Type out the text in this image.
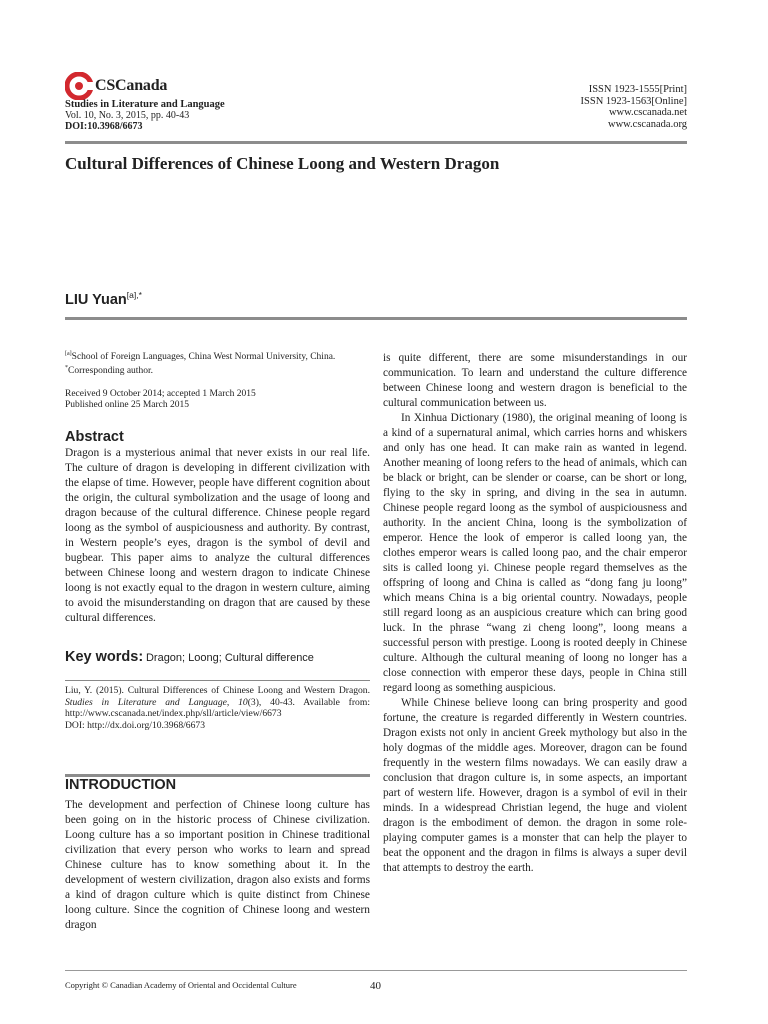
CSCanada
Studies in Literature and Language
Vol. 10, No. 3, 2015, pp. 40-43
DOI:10.3968/6673
ISSN 1923-1555[Print]
ISSN 1923-1563[Online]
www.cscanada.net
www.cscanada.org
Cultural Differences of Chinese Loong and Western Dragon
LIU Yuan$^{[a],*}$
[a]School of Foreign Languages, China West Normal University, China.
*Corresponding author.
Received 9 October 2014; accepted 1 March 2015
Published online 25 March 2015
Abstract

Dragon is a mysterious animal that never exists in our real life. The culture of dragon is developing in different civilization with the elapse of time. However, people have different cognition about the origin, the cultural symbolization and the usage of loong and dragon because of the cultural difference. Chinese people regard loong as the symbol of auspiciousness and authority. By contrast, in Western people’s eyes, dragon is the symbol of devil and bugbear. This paper aims to analyze the cultural differences between Chinese loong and western dragon to indicate Chinese loong is not exactly equal to the dragon in western culture, aiming to avoid the misunderstanding on dragon that are caused by these cultural differences.

Key words: Dragon; Loong; Cultural difference

Liu, Y. (2015). Cultural Differences of Chinese Loong and Western Dragon. Studies in Literature and Language, 10(3), 40-43. Available from: http://www.cscanada.net/index.php/sll/article/view/6673
DOI: http://dx.doi.org/10.3968/6673

INTRODUCTION

The development and perfection of Chinese loong culture has been going on in the historic process of Chinese civilization. Loong culture has a so important position in Chinese traditional civilization that every person who works to learn and spread Chinese culture has to know something about it. In the development of western civilization, dragon also exists and forms a kind of dragon culture which is quite distinct from Chinese loong culture. Since the cognition of Chinese loong and western dragon

is quite different, there are some misunderstandings in our communication. To learn and understand the culture difference between Chinese loong and western dragon is beneficial to the cultural communication between us.

In Xinhua Dictionary (1980), the original meaning of loong is a kind of a supernatural animal, which carries horns and whiskers and only has one head. It can make rain as wanted in legend. Another meaning of loong refers to the head of animals, which can be black or bright, can be slender or coarse, can be short or long, flying to the sky in spring, and diving in the sea in autumn. Chinese people regard loong as the symbol of auspiciousness and authority. In the ancient China, loong is the symbolization of emperor. Hence the look of emperor is called loong yan, the clothes emperor wears is called loong pao, and the chair emperor sits is called loong yi. Chinese people regard themselves as the offspring of loong and China is called as “dong fang ju loong” which means China is a big oriental country. Nowadays, people still regard loong as an auspicious creature which can bring good luck. In the phrase “wang zi cheng loong”, loong means a successful person with prestige. Loong is rooted deeply in Chinese culture. Although the cultural meaning of loong no longer has a close connection with emperor these days, people in China still regard loong as something auspicious.

While Chinese believe loong can bring prosperity and good fortune, the creature is regarded differently in Western countries. Dragon exists not only in ancient Greek mythology but also in the holy dogmas of the middle ages. Moreover, dragon can be found frequently in the western films nowadays. We can easily draw a conclusion that dragon culture is, in some aspects, an important part of western life. However, dragon is a symbol of evil in their minds. In a widespread Christian legend, the huge and violent dragon is the embodiment of demon. the dragon in some role-playing computer games is a monster that can help the player to beat the opponent and the dragon in films is always a super devil that attempts to destroy the earth.

Copyright © Canadian Academy of Oriental and Occidental Culture	40
